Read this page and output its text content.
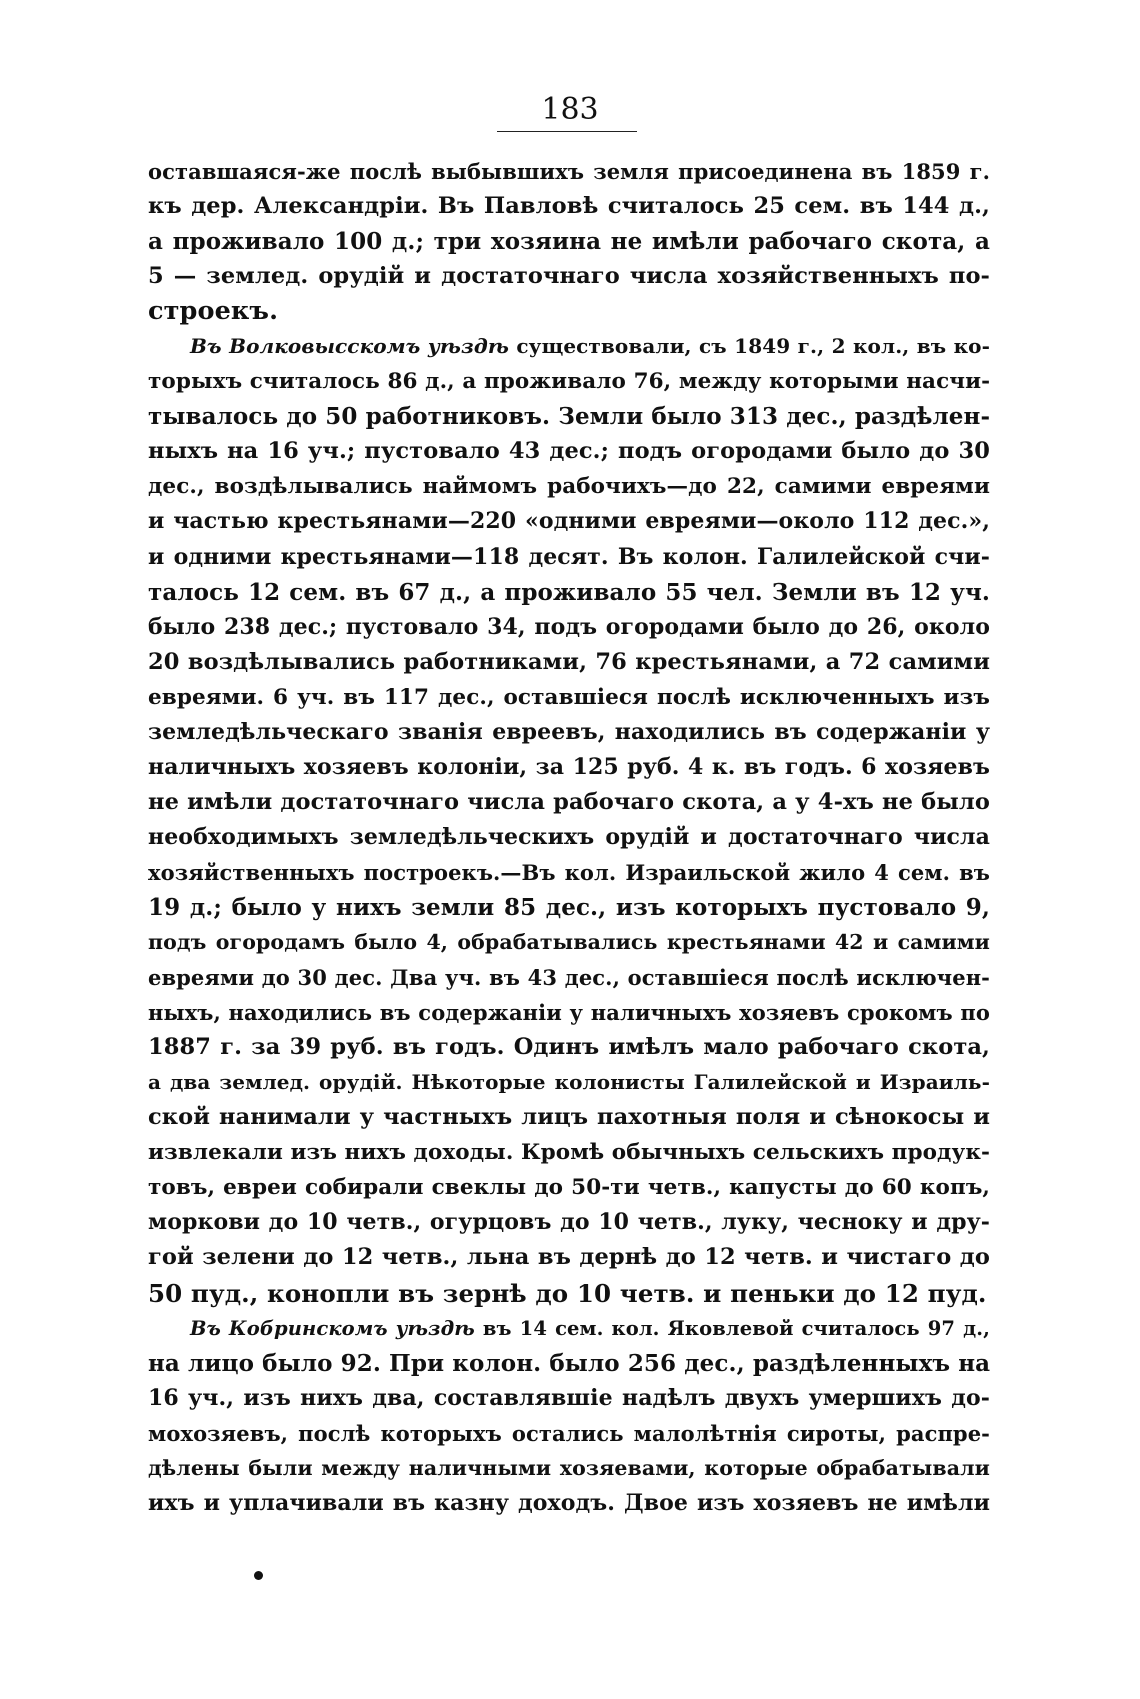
183

оставшаяся-же послѣ выбывшихъ земля присоединена въ 1859 г.

къ дер. Александріи. Въ Павловѣ считалось 25 сем. въ 144 д.,

а проживало 100 д.; три хозяина не имѣли рабочаго скота, а

5 — землед. орудій и достаточнаго числа хозяйственныхъ по-

строекъ.

Въ Волковысскомъ уѣздѣ существовали, съ 1849 г., 2 кол., въ ко-

торыхъ считалось 86 д., а проживало 76, между которыми насчи-

тывалось до 50 работниковъ. Земли было 313 дес., раздѣлен-

ныхъ на 16 уч.; пустовало 43 дес.; подъ огородами было до 30

дес., воздѣлывались наймомъ рабочихъ—до 22, самими евреями

и частью крестьянами—220 «одними евреями—около 112 дес.»,

и одними крестьянами—118 десят. Въ колон. Галилейской счи-

талось 12 сем. въ 67 д., а проживало 55 чел. Земли въ 12 уч.

было 238 дес.; пустовало 34, подъ огородами было до 26, около

20 воздѣлывались работниками, 76 крестьянами, а 72 самими

евреями. 6 уч. въ 117 дес., оставшіеся послѣ исключенныхъ изъ

земледѣльческаго званія евреевъ, находились въ содержаніи у

наличныхъ хозяевъ колоніи, за 125 руб. 4 к. въ годъ. 6 хозяевъ

не имѣли достаточнаго числа рабочаго скота, а у 4-хъ не было

необходимыхъ земледѣльческихъ орудій и достаточнаго числа

хозяйственныхъ построекъ.—Въ кол. Израильской жило 4 сем. въ

19 д.; было у нихъ земли 85 дес., изъ которыхъ пустовало 9,

подъ огородамъ было 4, обрабатывались крестьянами 42 и самими

евреями до 30 дес. Два уч. въ 43 дес., оставшіеся послѣ исключен-

ныхъ, находились въ содержаніи у наличныхъ хозяевъ срокомъ по

1887 г. за 39 руб. въ годъ. Одинъ имѣлъ мало рабочаго скота,

а два землед. орудій. Нѣкоторые колонисты Галилейской и Израиль-

ской нанимали у частныхъ лицъ пахотныя поля и сѣнокосы и

извлекали изъ нихъ доходы. Кромѣ обычныхъ сельскихъ продук-

товъ, евреи собирали свеклы до 50-ти четв., капусты до 60 копъ,

моркови до 10 четв., огурцовъ до 10 четв., луку, чесноку и дру-

гой зелени до 12 четв., льна въ дернѣ до 12 четв. и чистаго до

50 пуд., конопли въ зернѣ до 10 четв. и пеньки до 12 пуд.

Въ Кобринскомъ уѣздѣ въ 14 сем. кол. Яковлевой считалось 97 д.,

на лицо было 92. При колон. было 256 дес., раздѣленныхъ на

16 уч., изъ нихъ два, составлявшіе надѣлъ двухъ умершихъ до-

мохозяевъ, послѣ которыхъ остались малолѣтнія сироты, распре-

дѣлены были между наличными хозяевами, которые обрабатывали

ихъ и уплачивали въ казну доходъ. Двое изъ хозяевъ не имѣли
